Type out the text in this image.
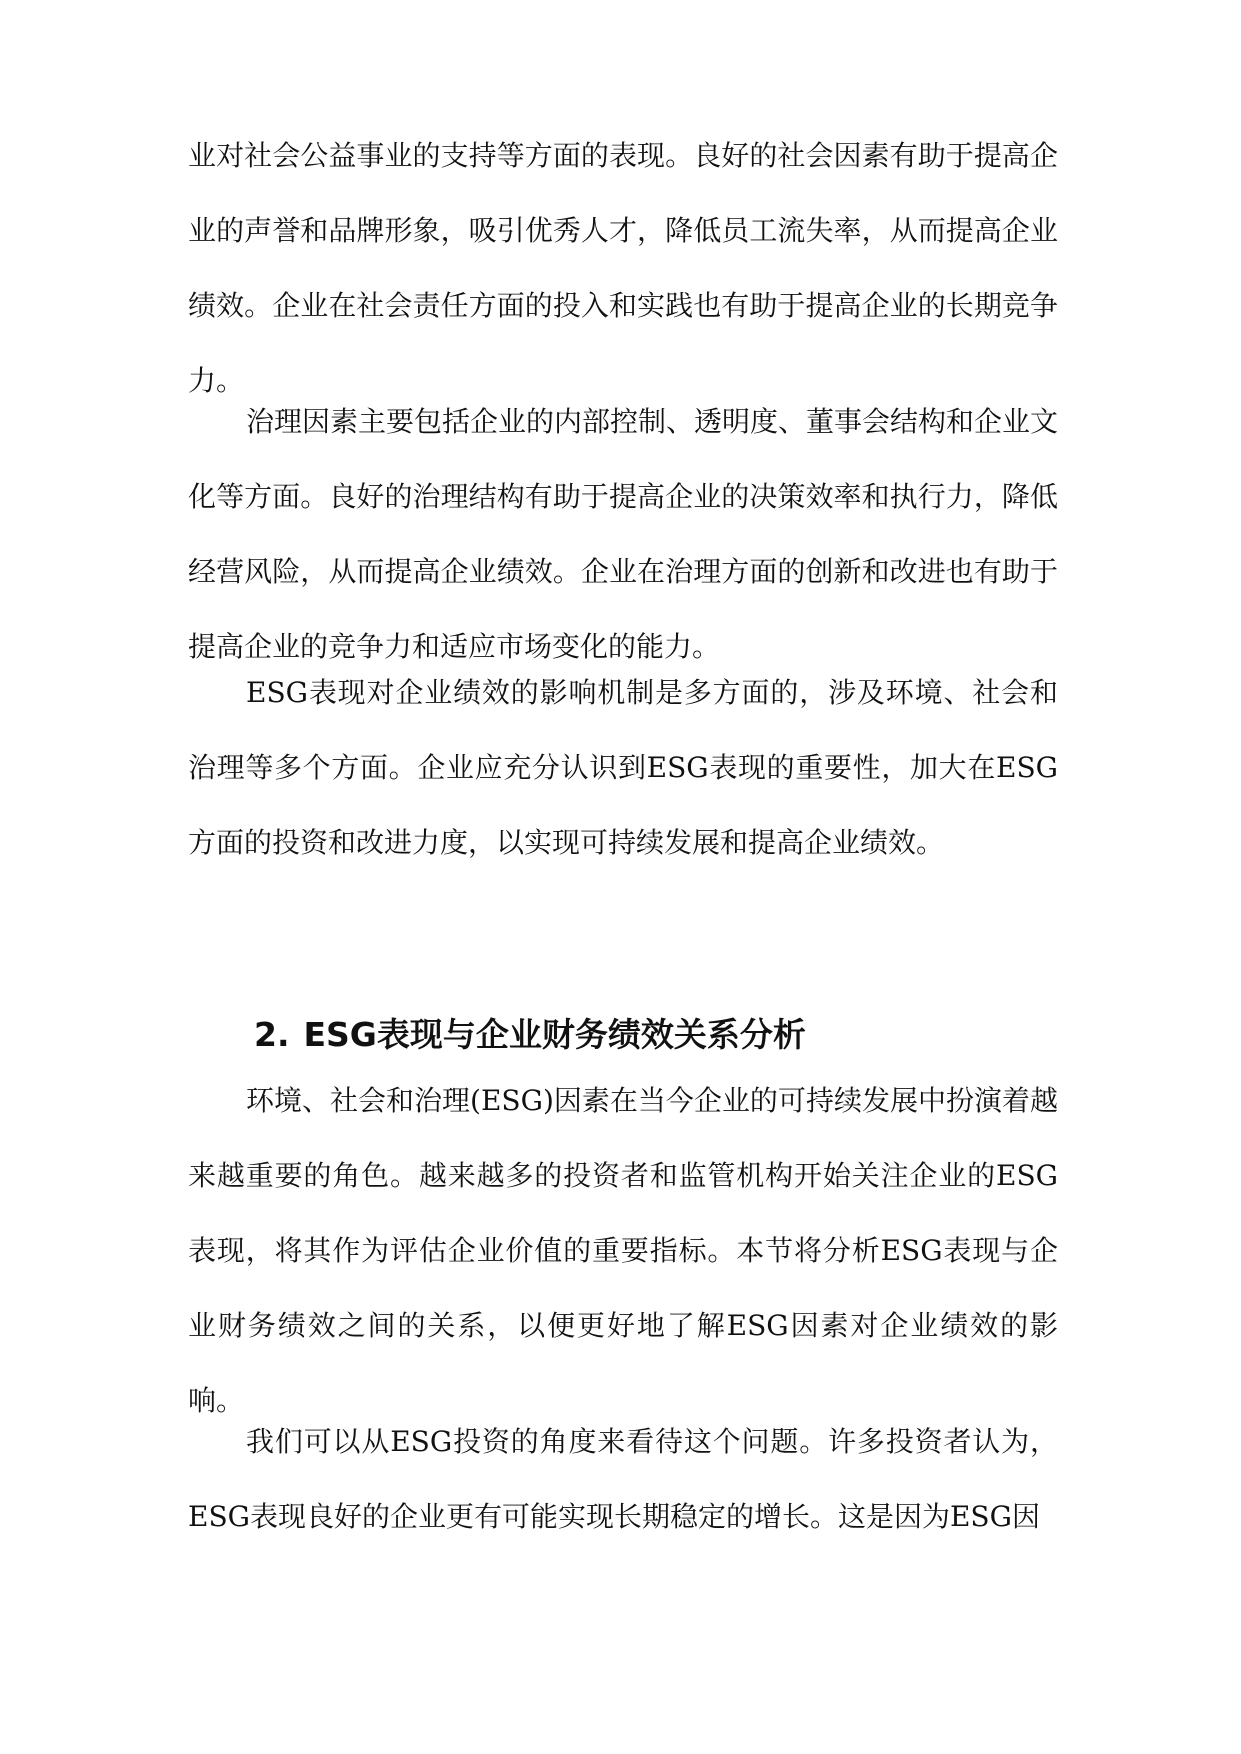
业对社会公益事业的支持等方面的表现。良好的社会因素有助于提高企业的声誉和品牌形象，吸引优秀人才，降低员工流失率，从而提高企业绩效。企业在社会责任方面的投入和实践也有助于提高企业的长期竞争力。

治理因素主要包括企业的内部控制、透明度、董事会结构和企业文化等方面。良好的治理结构有助于提高企业的决策效率和执行力，降低经营风险，从而提高企业绩效。企业在治理方面的创新和改进也有助于提高企业的竞争力和适应市场变化的能力。

ESG表现对企业绩效的影响机制是多方面的，涉及环境、社会和治理等多个方面。企业应充分认识到ESG表现的重要性，加大在ESG方面的投资和改进力度，以实现可持续发展和提高企业绩效。

2. ESG表现与企业财务绩效关系分析

环境、社会和治理(ESG)因素在当今企业的可持续发展中扮演着越来越重要的角色。越来越多的投资者和监管机构开始关注企业的ESG表现，将其作为评估企业价值的重要指标。本节将分析ESG表现与企业财务绩效之间的关系，以便更好地了解ESG因素对企业绩效的影响。

我们可以从ESG投资的角度来看待这个问题。许多投资者认为，ESG表现良好的企业更有可能实现长期稳定的增长。这是因为ESG因
